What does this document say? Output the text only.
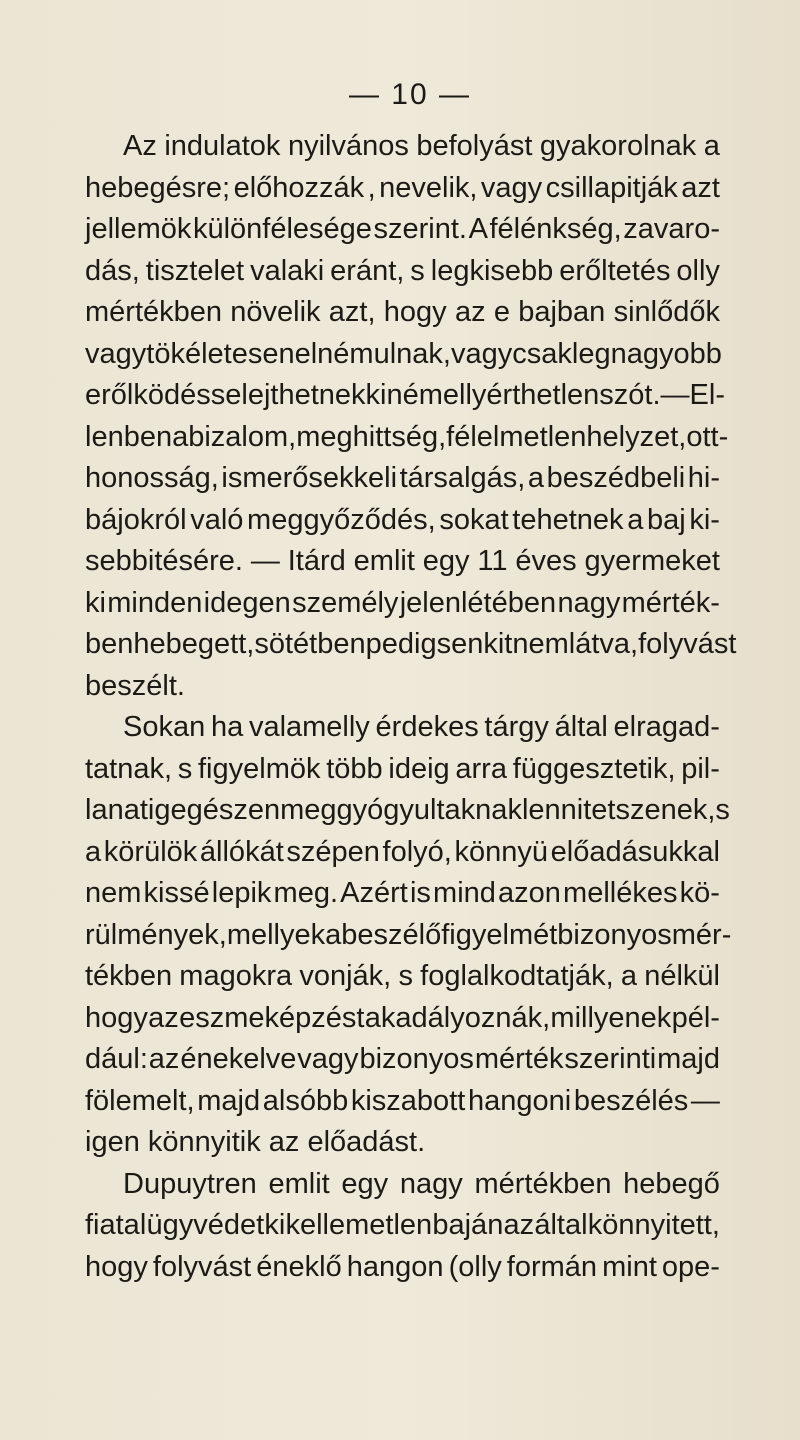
— 10 —
Az indulatok nyilvános befolyást gyakorolnak a
hebegésre; előhozzák , nevelik, vagy csillapitják azt
jellemök különfélesége szerint. A félénkség, zavaro-
dás, tisztelet valaki eránt, s legkisebb erőltetés olly
mértékben növelik azt, hogy az e bajban sinlődők
vagy tökéletesen elnémulnak, vagy csak legnagyobb
erőlködéssel ejthetnek ki némelly érthetlen szót. — El-
lenben a bizalom, meghittség, félelmetlen helyzet, ott-
honosság, ismerősekkeli társalgás, a beszédbeli hi-
bájokról való meggyőződés, sokat tehetnek a baj ki-
sebbitésére. — Itárd emlit egy 11 éves gyermeket
ki minden idegen személy jelenlétében nagy mérték-
ben hebegett, sötétben pedig senkit nem látva , folyvást
beszélt.
Sokan ha valamelly érdekes tárgy által elragad-
tatnak, s figyelmök több ideig arra függesztetik, pil-
lanatig egészen meggyógyultaknak lenni tetszenek, s
a körülök állókát szépen folyó, könnyü előadásukkal
nem kissé lepik meg. Azért is mind azon mellékes kö-
rülmények, mellyek a beszélő figyelmét bizonyos mér-
tékben magokra vonják, s foglalkodtatják, a nélkül
hogy az eszmeképzést akadályoznák, millyenek pél-
dául: az énekelve vagy bizonyos mérték szerinti majd
fölemelt, majd alsóbb kiszabott hangoni beszélés —
igen könnyitik az előadást.
Dupuytren emlit egy nagy mértékben hebegő
fiatal ügyvédet ki kellemetlen baján az által könnyitett,
hogy folyvást éneklő hangon (olly formán mint ope-
